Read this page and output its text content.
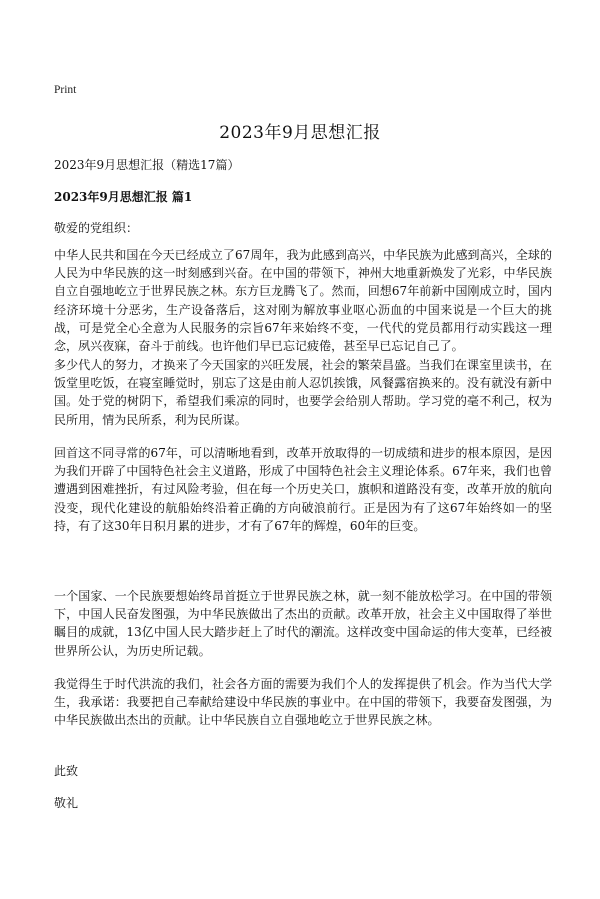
Print
2023年9月思想汇报

2023年9月思想汇报（精选17篇）

2023年9月思想汇报 篇1

敬爱的党组织：

中华人民共和国在今天已经成立了67周年，我为此感到高兴，中华民族为此感到高兴，全球的人民为中华民族的这一时刻感到兴奋。在中国的带领下，神州大地重新焕发了光彩，中华民族自立自强地屹立于世界民族之林。东方巨龙腾飞了。然而，回想67年前新中国刚成立时，国内经济环境十分恶劣，生产设备落后，这对刚为解放事业呕心沥血的中国来说是一个巨大的挑战，可是党全心全意为人民服务的宗旨67年来始终不变，一代代的党员都用行动实践这一理念，夙兴夜寐，奋斗于前线。也许他们早已忘记疲倦，甚至早已忘记自己了。

多少代人的努力，才换来了今天国家的兴旺发展，社会的繁荣昌盛。当我们在课室里读书，在饭堂里吃饭，在寝室睡觉时，别忘了这是由前人忍饥挨饿，风餐露宿换来的。没有就没有新中国。处于党的树阴下，希望我们乘凉的同时，也要学会给别人帮助。学习党的毫不利己，权为民所用，情为民所系，利为民所谋。

回首这不同寻常的67年，可以清晰地看到，改革开放取得的一切成绩和进步的根本原因，是因为我们开辟了中国特色社会主义道路，形成了中国特色社会主义理论体系。67年来，我们也曾遭遇到困难挫折，有过风险考验，但在每一个历史关口，旗帜和道路没有变，改革开放的航向没变，现代化建设的航船始终沿着正确的方向破浪前行。正是因为有了这67年始终如一的坚持，有了这30年日积月累的进步，才有了67年的辉煌，60年的巨变。

一个国家、一个民族要想始终昂首挺立于世界民族之林，就一刻不能放松学习。在中国的带领下，中国人民奋发图强，为中华民族做出了杰出的贡献。改革开放，社会主义中国取得了举世瞩目的成就，13亿中国人民大踏步赶上了时代的潮流。这样改变中国命运的伟大变革，已经被世界所公认，为历史所记载。

我觉得生于时代洪流的我们，社会各方面的需要为我们个人的发挥提供了机会。作为当代大学生，我承诺：我要把自己奉献给建设中华民族的事业中。在中国的带领下，我要奋发图强，为中华民族做出杰出的贡献。让中华民族自立自强地屹立于世界民族之林。

此致

敬礼
